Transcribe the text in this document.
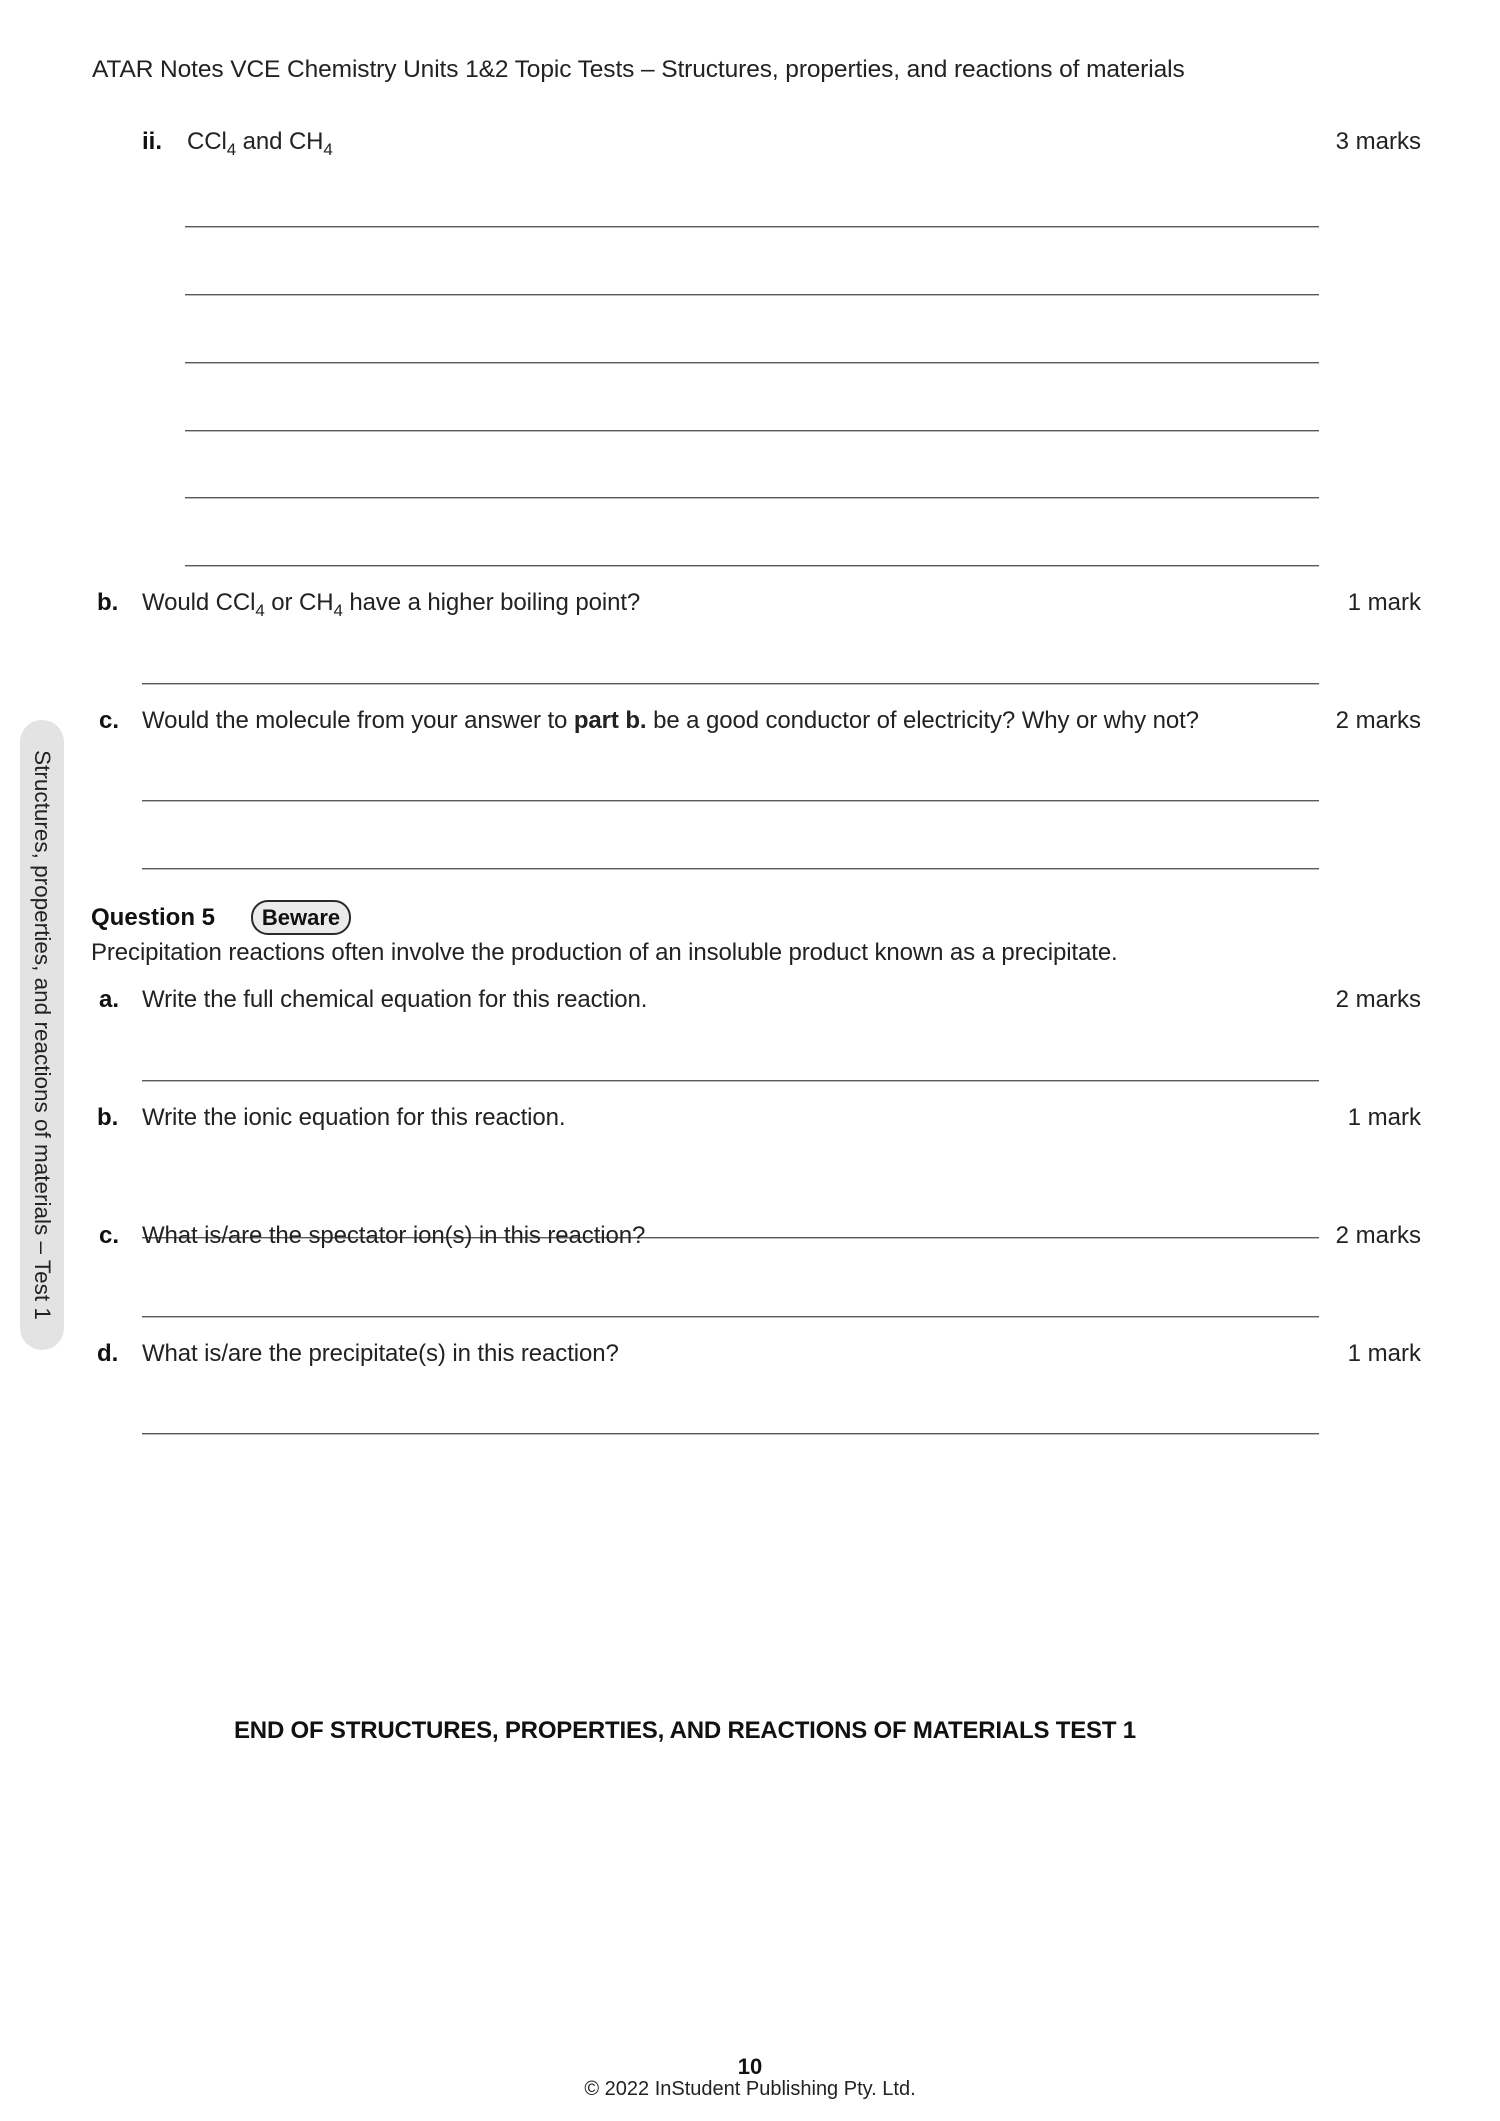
ATAR Notes VCE Chemistry Units 1&2 Topic Tests – Structures, properties, and reactions of materials
Structures, properties, and reactions of materials – Test 1
ii. CCl$_4$ and $CH_4$	3 marks
b. Would CCl$_4$ or $CH_4$ have a higher boiling point?	1 mark
c. Would the molecule from your answer to part b. be a good conductor of electricity? Why or why not?	2 marks
Question 5	Beware
Precipitation reactions often involve the production of an insoluble product known as a precipitate.
a. Write the full chemical equation for this reaction.	2 marks
b. Write the ionic equation for this reaction.	1 mark
c. What is/are the spectator ion(s) in this reaction?	2 marks
d. What is/are the precipitate(s) in this reaction?	1 mark
END OF STRUCTURES, PROPERTIES, AND REACTIONS OF MATERIALS TEST 1
10
© 2022 InStudent Publishing Pty. Ltd.
